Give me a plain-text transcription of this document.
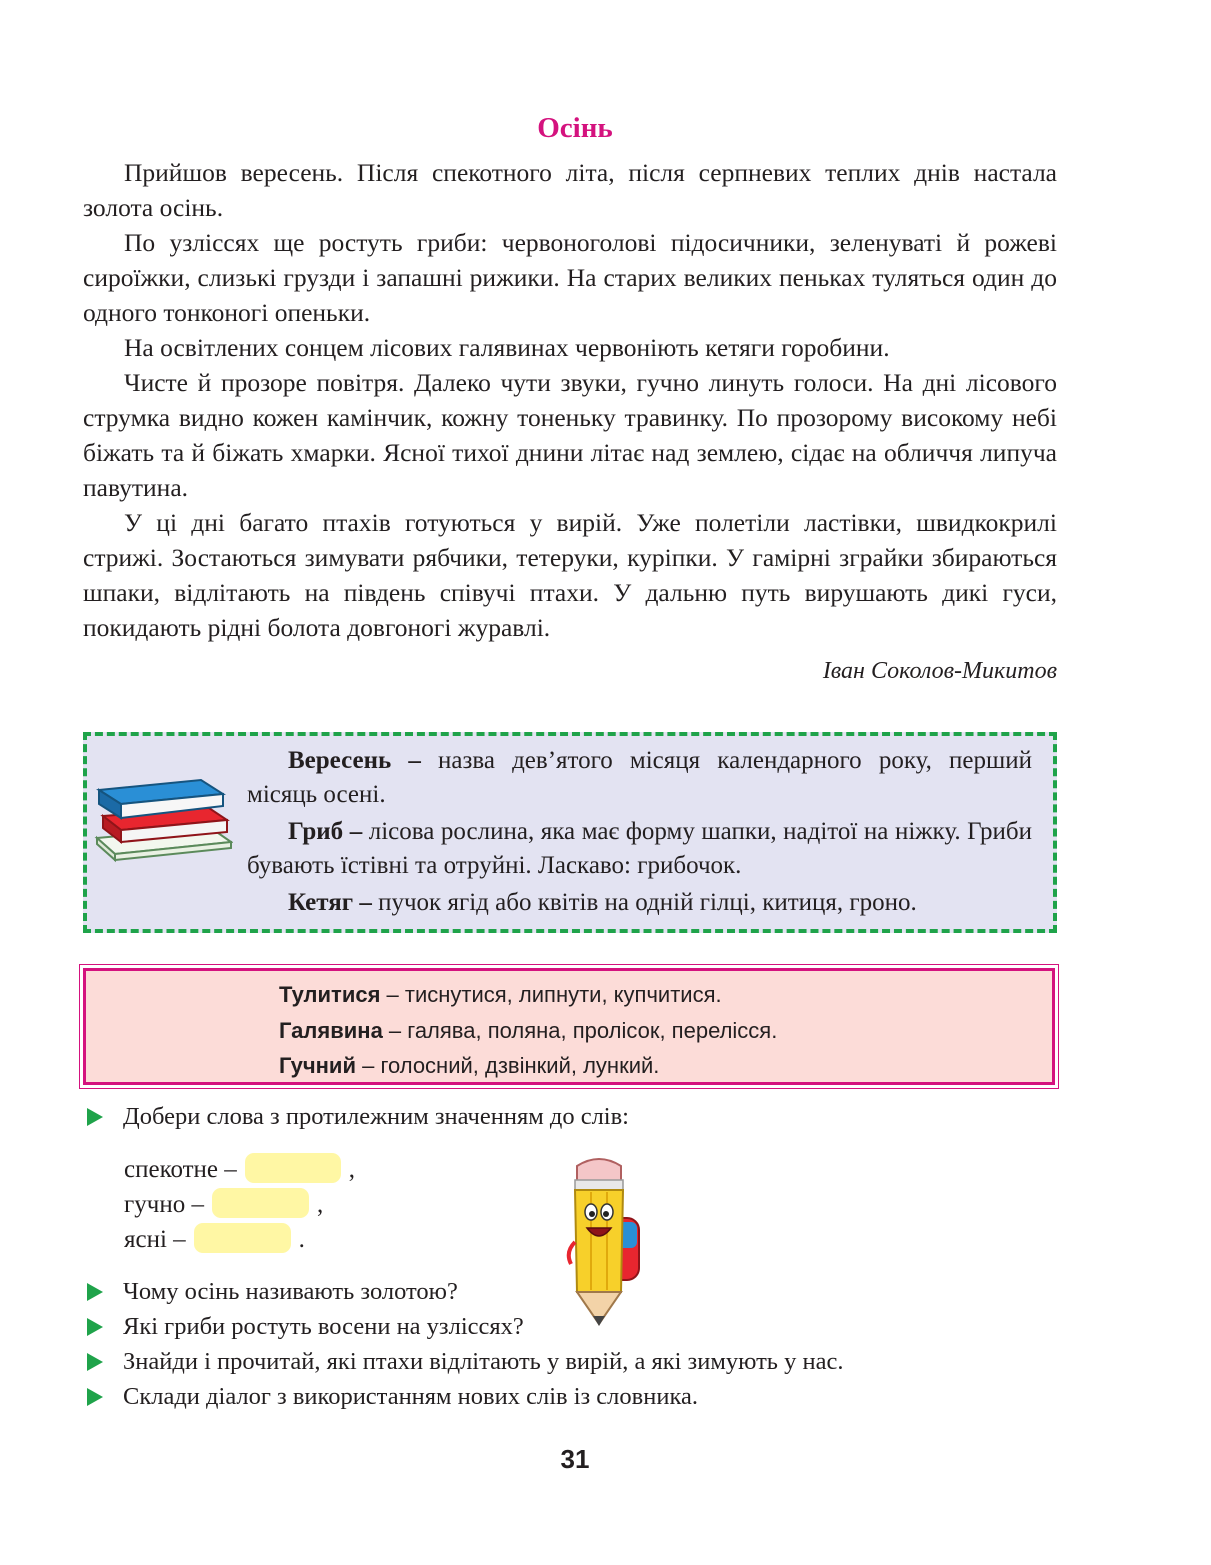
Осінь

Прийшов вересень. Після спекотного літа, після серпневих теплих днів настала золота осінь.

По узліссях ще ростуть гриби: червоноголові підосичники, зеленуваті й рожеві сироїжки, слизькі грузди і запашні рижики. На старих великих пеньках туляться один до одного тонконогі опеньки.

На освітлених сонцем лісових галявинах червоніють кетяги горобини.

Чисте й прозоре повітря. Далеко чути звуки, гучно линуть голоси. На дні лісового струмка видно кожен камінчик, кожну тоненьку травинку. По прозорому високому небі біжать та й біжать хмарки. Ясної тихої днини літає над землею, сідає на обличчя липуча павутина.

У ці дні багато птахів готуються у вирій. Уже полетіли ластівки, швидкокрилі стрижі. Зостаються зимувати рябчики, тетеруки, куріпки. У гамірні зграйки збираються шпаки, відлітають на південь співучі птахи. У дальню путь вирушають дикі гуси, покидають рідні болота довгоногі журавлі.

Іван Соколов-Микитов

Вересень – назва дев’ятого місяця календарного року, перший місяць осені.

Гриб – лісова рослина, яка має форму шапки, надітої на ніжку. Гриби бувають їстівні та отруйні. Ласкаво: грибочок.

Кетяг – пучок ягід або квітів на одній гілці, китиця, гроно.

Тулитися – тиснутися, липнути, купчитися.
Галявина – галява, поляна, пролісок, перелісся.
Гучний – голосний, дзвінкий, лункий.
Добери слова з протилежним значенням до слів:
спекотне –	,
гучно –	,
ясні –	.
Чому осінь називають золотою?
Які гриби ростуть восени на узліссях?
Знайди і прочитай, які птахи відлітають у вирій, а які зимують у нас.
Склади діалог з використанням нових слів із словника.
31
